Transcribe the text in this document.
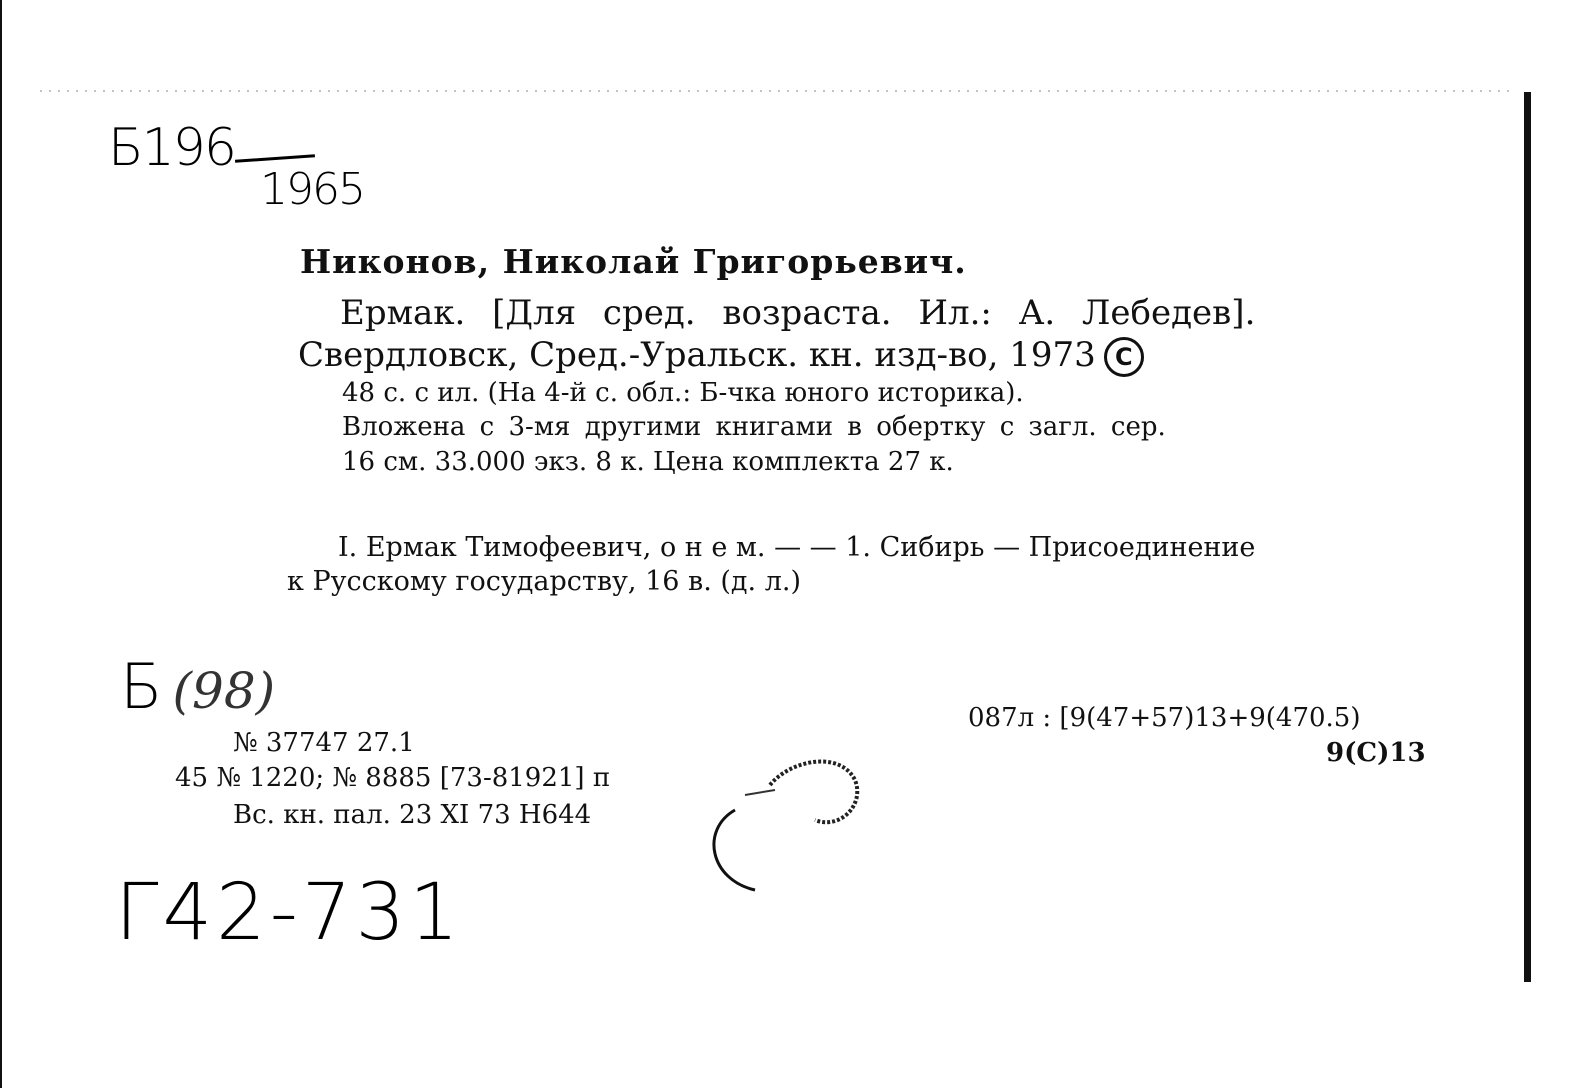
Б196
1965
Никонов, Николай Григорьевич.
Ермак. [Для сред. возраста. Ил.: А. Лебедев].
Свердловск, Сред.-Уральск. кн. изд-во, 1973 C
48 с. с ил. (На 4-й с. обл.: Б-чка юного историка).
Вложена с 3-мя другими книгами в обертку с загл. сер.
16 см. 33.000 экз. 8 к. Цена комплекта 27 к.
I. Ермак Тимофеевич, о н е м. — — 1. Сибирь — Присоединение
к Русскому государству, 16 в. (д. л.)
Б (98)
№ 37747 27.1
45 № 1220; № 8885 [73-81921] п
Вс. кн. пал. 23 XI 73 Н644
087л : [9(47+57)13+9(470.5)
9(С)13
Г42-731
